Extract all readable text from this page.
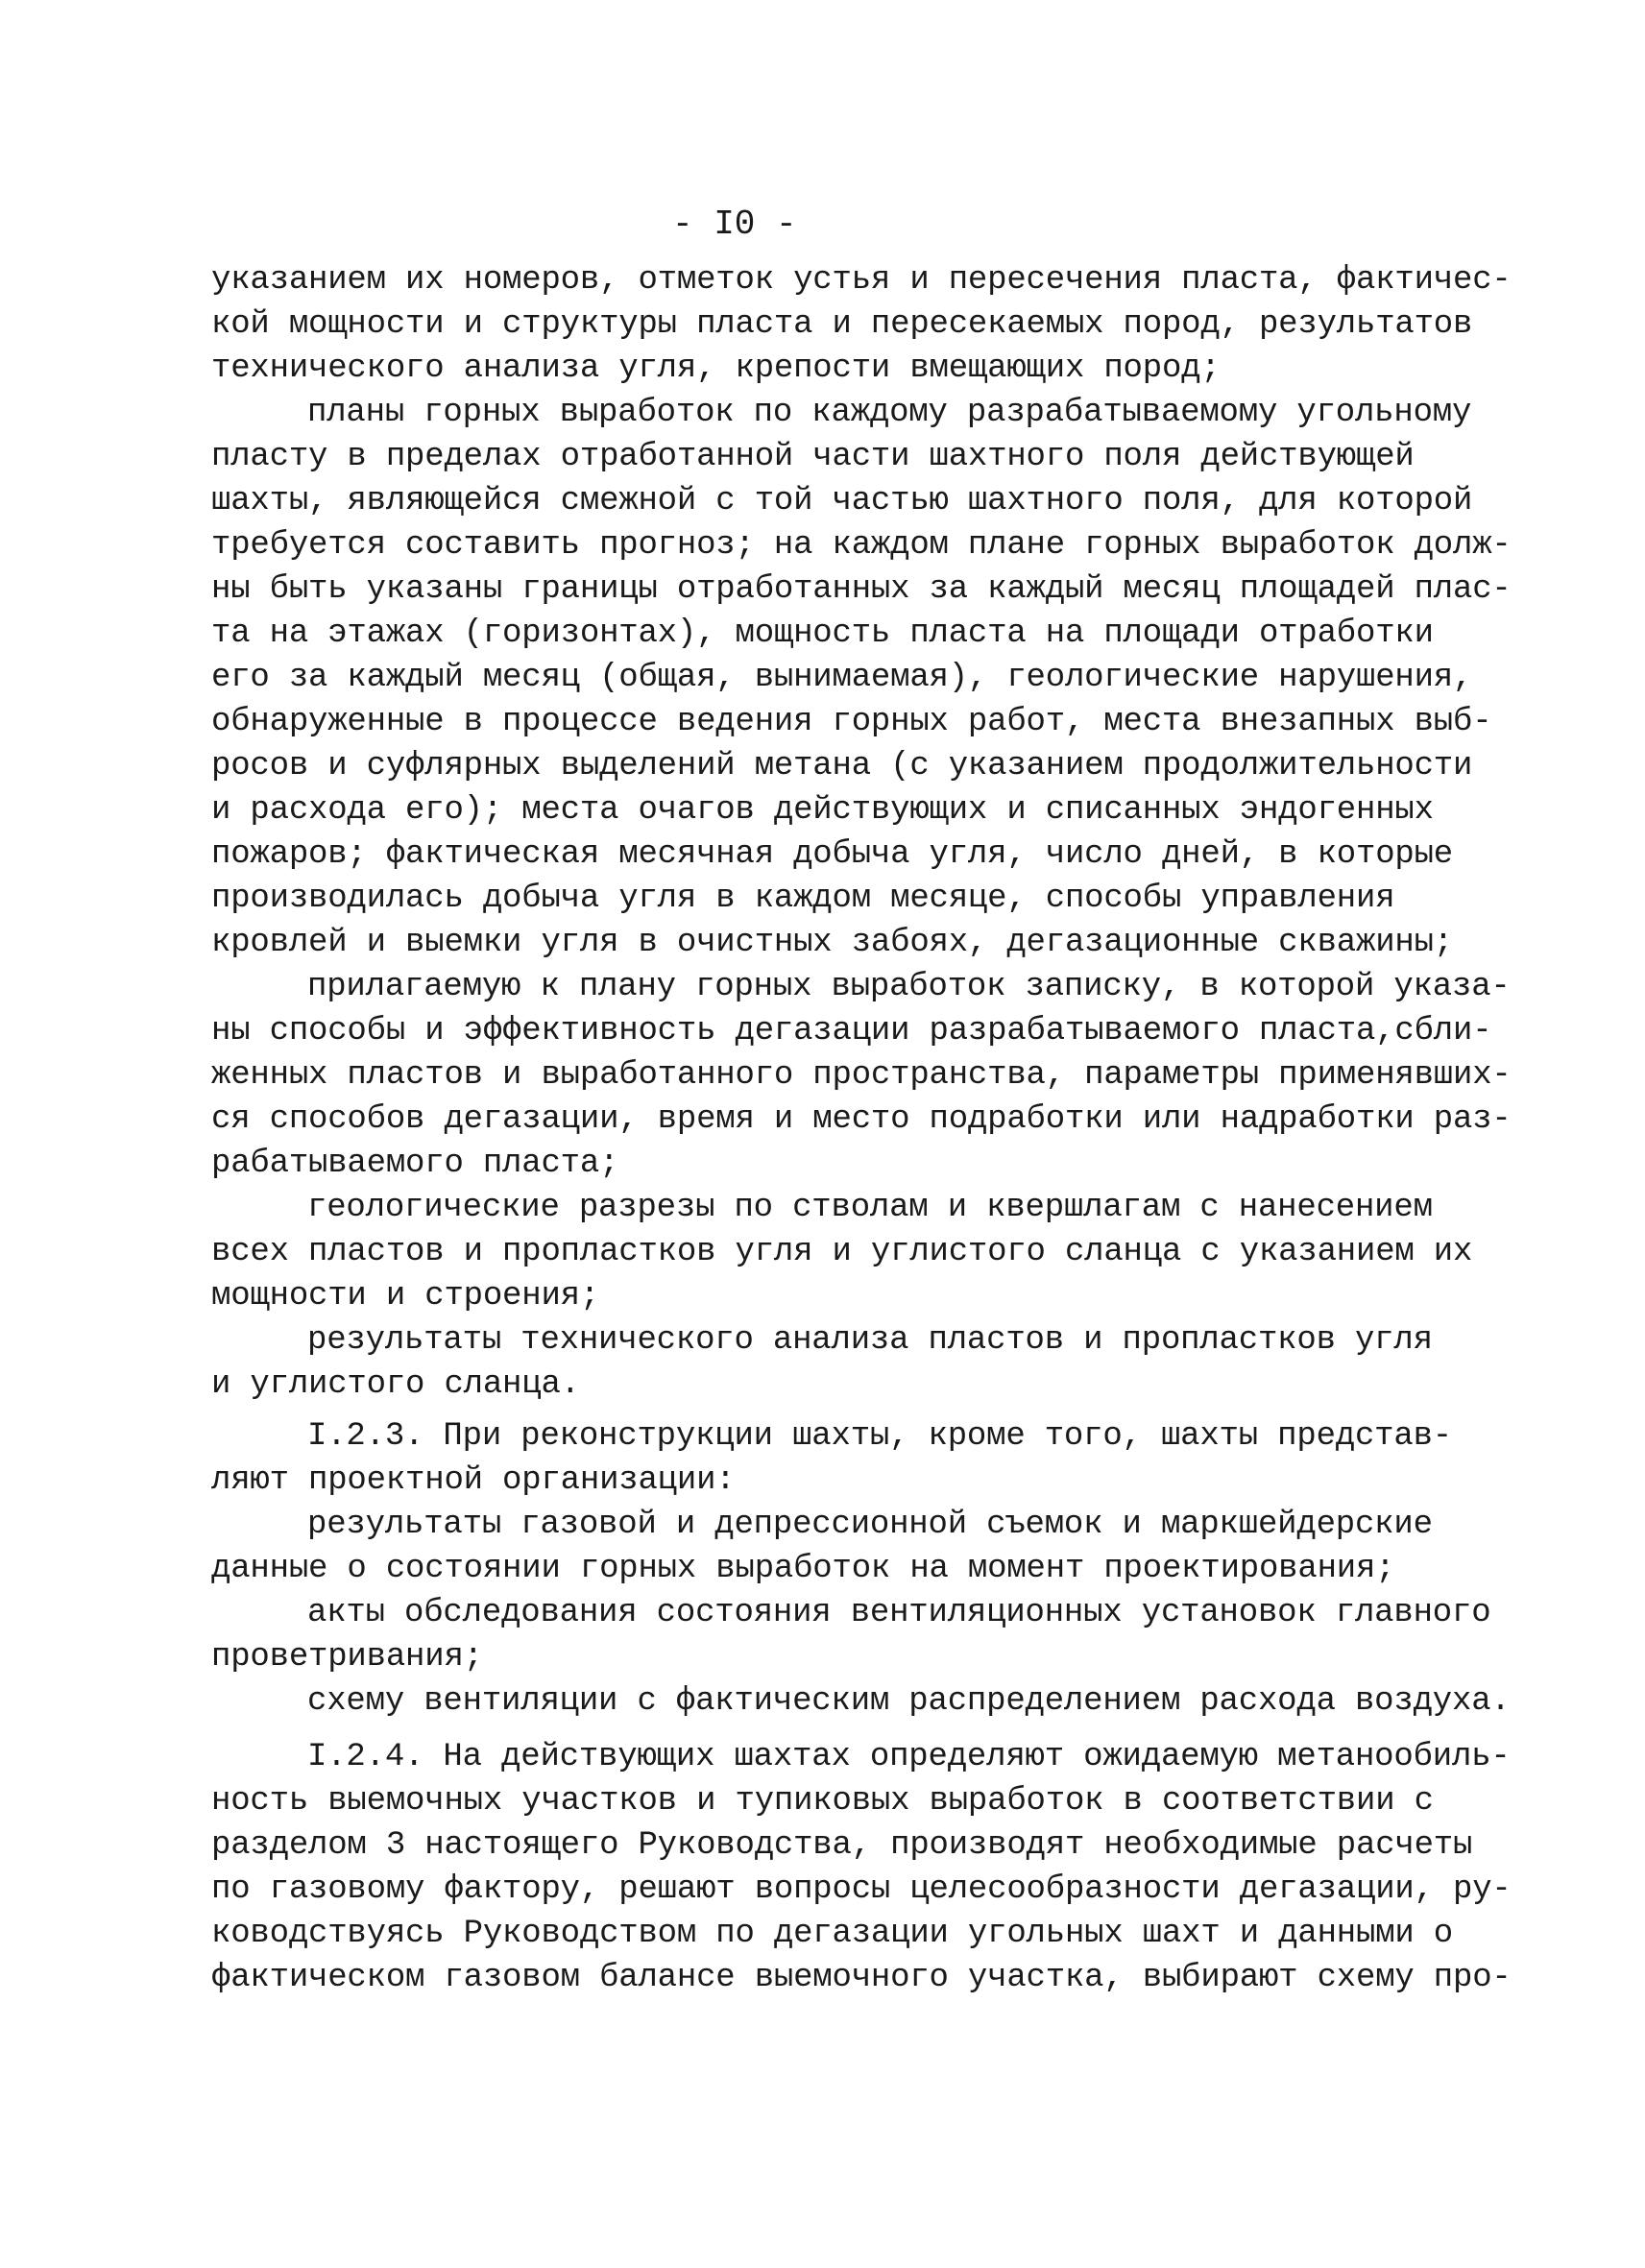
- I0 -

указанием их номеров, отметок устья и пересечения пласта, фактичес-

кой мощности и структуры пласта и пересекаемых пород, результатов

технического анализа угля, крепости вмещающих пород;

планы горных выработок по каждому разрабатываемому угольному

пласту в пределах отработанной части шахтного поля действующей

шахты, являющейся смежной с той частью шахтного поля, для которой

требуется составить прогноз; на каждом плане горных выработок долж-

ны быть указаны границы отработанных за каждый месяц площадей плас-

та на этажах (горизонтах), мощность пласта на площади отработки

его за каждый месяц (общая, вынимаемая), геологические нарушения,

обнаруженные в процессе ведения горных работ, места внезапных выб-

росов и суфлярных выделений метана (с указанием продолжительности

и расхода его); места очагов действующих и списанных эндогенных

пожаров; фактическая месячная добыча угля, число дней, в которые

производилась добыча угля в каждом месяце, способы управления

кровлей и выемки угля в очистных забоях, дегазационные скважины;

прилагаемую к плану горных выработок записку, в которой указа-

ны способы и эффективность дегазации разрабатываемого пласта,сбли-

женных пластов и выработанного пространства, параметры применявших-

ся способов дегазации, время и место подработки или надработки раз-

рабатываемого пласта;

геологические разрезы по стволам и квершлагам с нанесением

всех пластов и пропластков угля и углистого сланца с указанием их

мощности и строения;

результаты технического анализа пластов и пропластков угля

и углистого сланца.

I.2.3. При реконструкции шахты, кроме того, шахты представ-

ляют проектной организации:

результаты газовой и депрессионной съемок и маркшейдерские

данные о состоянии горных выработок на момент проектирования;

акты обследования состояния вентиляционных установок главного

проветривания;

схему вентиляции с фактическим распределением расхода воздуха.

I.2.4. На действующих шахтах определяют ожидаемую метанообиль-

ность выемочных участков и тупиковых выработок в соответствии с

разделом 3 настоящего Руководства, производят необходимые расчеты

по газовому фактору, решают вопросы целесообразности дегазации, ру-

ководствуясь Руководством по дегазации угольных шахт и данными о

фактическом газовом балансе выемочного участка, выбирают схему про-
